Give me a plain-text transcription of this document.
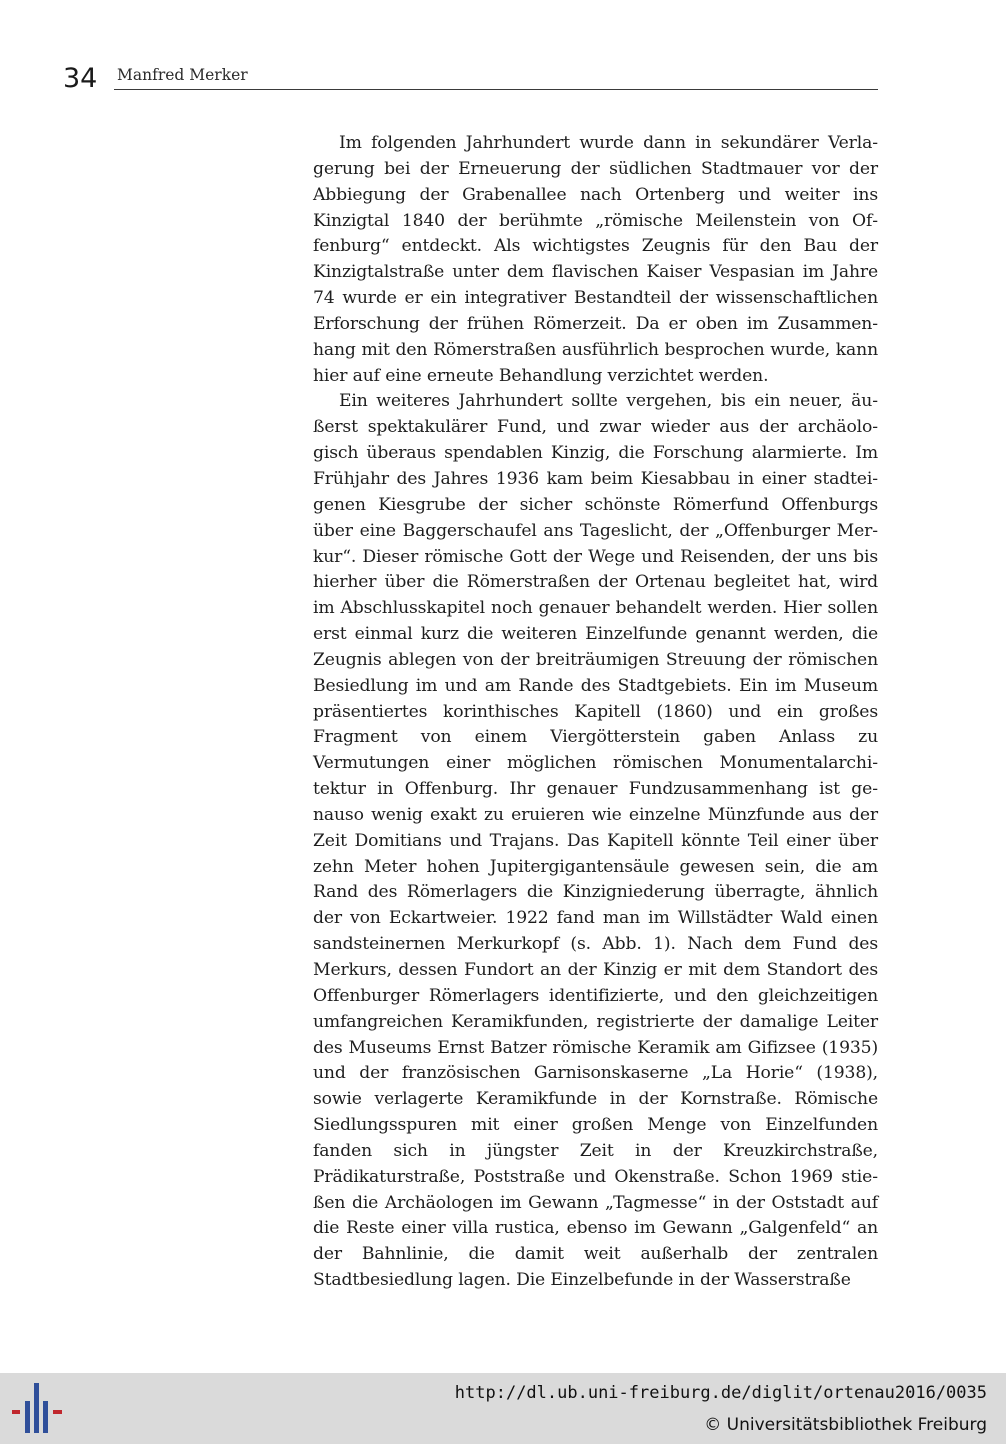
34 Manfred Merker

Im folgenden Jahrhundert wurde dann in sekundärer Verlagerung bei der Erneuerung der südlichen Stadtmauer vor der Abbiegung der Grabenallee nach Ortenberg und weiter ins Kinzigtal 1840 der berühmte „römische Meilenstein von Offenburg“ entdeckt. Als wichtigstes Zeugnis für den Bau der Kinzigtalstraße unter dem flavischen Kaiser Vespasian im Jahre 74 wurde er ein integrativer Bestandteil der wissenschaftlichen Erforschung der frühen Römerzeit. Da er oben im Zusammenhang mit den Römerstraßen ausführlich besprochen wurde, kann hier auf eine erneute Behandlung verzichtet werden.

Ein weiteres Jahrhundert sollte vergehen, bis ein neuer, äußerst spektakulärer Fund, und zwar wieder aus der archäologisch überaus spendablen Kinzig, die Forschung alarmierte. Im Frühjahr des Jahres 1936 kam beim Kiesabbau in einer stadteigenen Kiesgrube der sicher schönste Römerfund Offenburgs über eine Baggerschaufel ans Tageslicht, der „Offenburger Merkur“. Dieser römische Gott der Wege und Reisenden, der uns bis hierher über die Römerstraßen der Ortenau begleitet hat, wird im Abschlusskapitel noch genauer behandelt werden. Hier sollen erst einmal kurz die weiteren Einzelfunde genannt werden, die Zeugnis ablegen von der breiträumigen Streuung der römischen Besiedlung im und am Rande des Stadtgebiets. Ein im Museum präsentiertes korinthisches Kapitell (1860) und ein großes Fragment von einem Viergötterstein gaben Anlass zu Vermutungen einer möglichen römischen Monumentalarchitektur in Offenburg. Ihr genauer Fundzusammenhang ist genauso wenig exakt zu eruieren wie einzelne Münzfunde aus der Zeit Domitians und Trajans. Das Kapitell könnte Teil einer über zehn Meter hohen Jupitergigantensäule gewesen sein, die am Rand des Römerlagers die Kinzigniederung überragte, ähnlich der von Eckartweier. 1922 fand man im Willstädter Wald einen sandsteinernen Merkurkopf (s. Abb. 1). Nach dem Fund des Merkurs, dessen Fundort an der Kinzig er mit dem Standort des Offenburger Römerlagers identifizierte, und den gleichzeitigen umfangreichen Keramikfunden, registrierte der damalige Leiter des Museums Ernst Batzer römische Keramik am Gifizsee (1935) und der französischen Garnisonskaserne „La Horie“ (1938), sowie verlagerte Keramikfunde in der Kornstraße. Römische Siedlungsspuren mit einer großen Menge von Einzelfunden fanden sich in jüngster Zeit in der Kreuzkirchstraße, Prädikaturstraße, Poststraße und Okenstraße. Schon 1969 stießen die Archäologen im Gewann „Tagmesse“ in der Oststadt auf die Reste einer villa rustica, ebenso im Gewann „Galgenfeld“ an der Bahnlinie, die damit weit außerhalb der zentralen Stadtbesiedlung lagen. Die Einzelbefunde in der Wasserstraße

http://dl.ub.uni-freiburg.de/diglit/ortenau2016/0035
© Universitätsbibliothek Freiburg
